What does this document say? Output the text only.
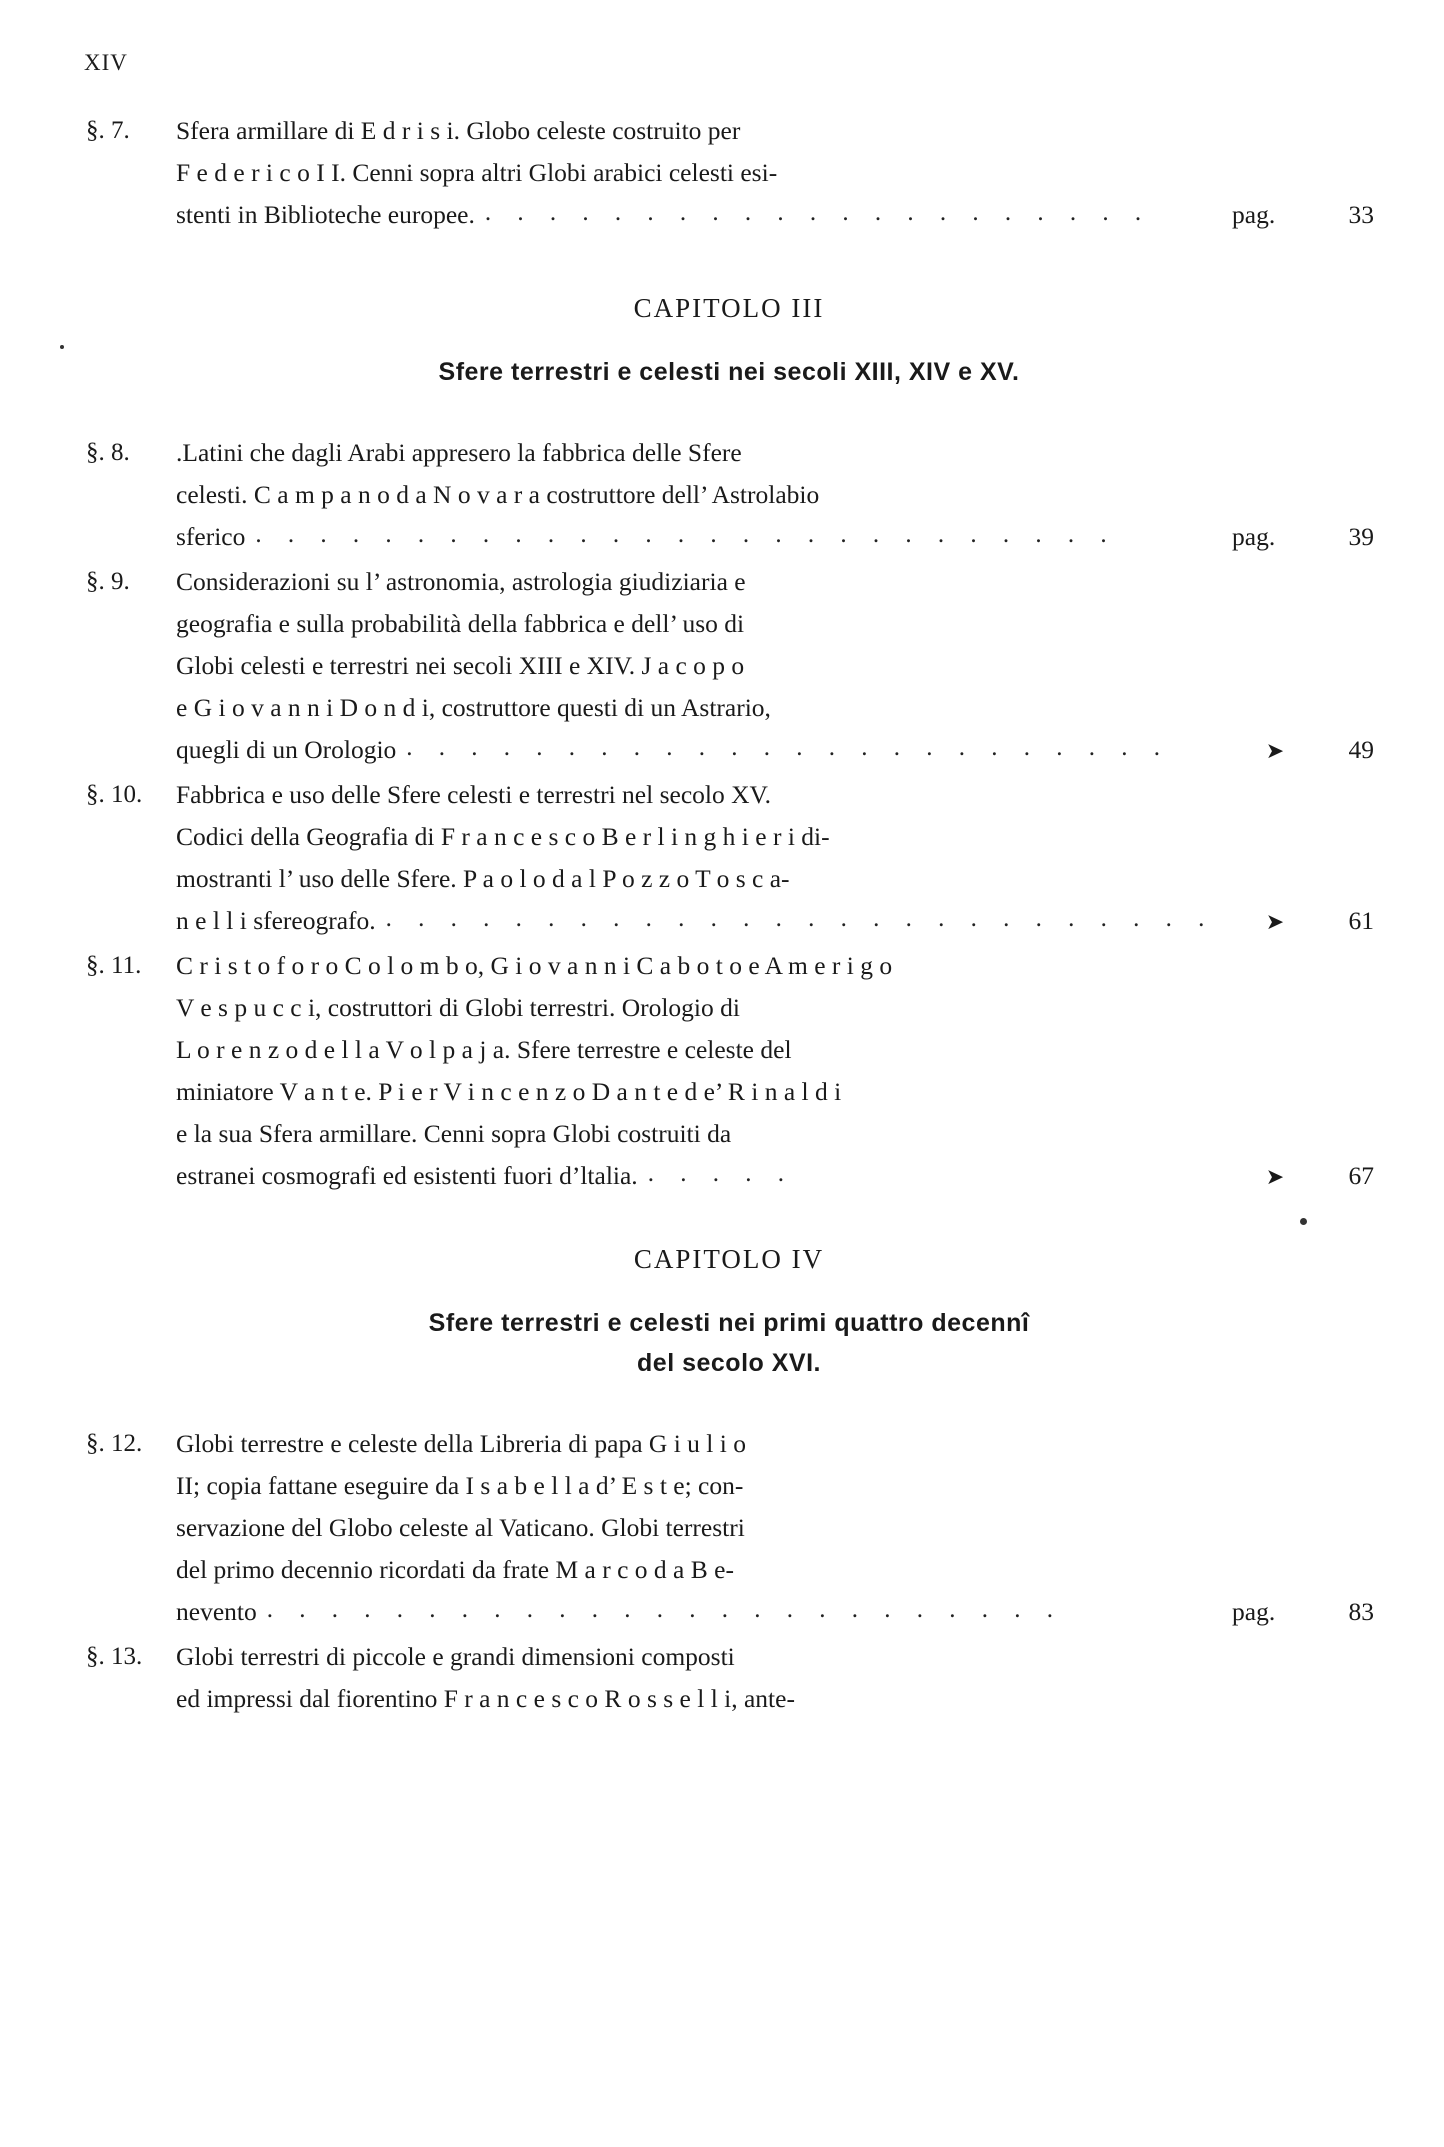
XIV
§. 7.	Sfera armillare di E d r i s i. Globo celeste costruito per
F e d e r i c o I I. Cenni sopra altri Globi arabici celesti esi-
stenti in Biblioteche europee. . . . . . . . . . . . . . . . . . . . . .	pag.	33
CAPITOLO III
Sfere terrestri e celesti nei secoli XIII, XIV e XV.
§. 8.	.Latini che dagli Arabi appresero la fabbrica delle Sfere
celesti. C a m p a n o d a N o v a r a costruttore dell’ Astrolabio
sferico . . . . . . . . . . . . . . . . . . . . . . . . . . .	pag.	39
§. 9.	Considerazioni su l’ astronomia, astrologia giudiziaria e
geografia e sulla probabilità della fabbrica e dell’ uso di
Globi celesti e terrestri nei secoli XIII e XIV. J a c o p o
e G i o v a n n i D o n d i, costruttore questi di un Astrario,
quegli di un Orologio . . . . . . . . . . . . . . . . . . . . . . . .	➤	49
§. 10.	Fabbrica e uso delle Sfere celesti e terrestri nel secolo XV.
Codici della Geografia di F r a n c e s c o B e r l i n g h i e r i di-
mostranti l’ uso delle Sfere. P a o l o d a l P o z z o T o s c a-
n e l l i sfereografo. . . . . . . . . . . . . . . . . . . . . . . . . . .	➤	61
§. 11.	C r i s t o f o r o C o l o m b o, G i o v a n n i C a b o t o e A m e r i g o
V e s p u c c i, costruttori di Globi terrestri. Orologio di
L o r e n z o d e l l a V o l p a j a. Sfere terrestre e celeste del
miniatore V a n t e. P i e r V i n c e n z o D a n t e d e’ R i n a l d i
e la sua Sfera armillare. Cenni sopra Globi costruiti da
estranei cosmografi ed esistenti fuori d’ltalia. . . . . .	➤	67
CAPITOLO IV
Sfere terrestri e celesti nei primi quattro decennî
del secolo XVI.
§. 12.	Globi terrestre e celeste della Libreria di papa G i u l i o
II; copia fattane eseguire da I s a b e l l a d’ E s t e; con-
servazione del Globo celeste al Vaticano. Globi terrestri
del primo decennio ricordati da frate M a r c o d a B e-
nevento . . . . . . . . . . . . . . . . . . . . . . . . .	pag.	83
§. 13.	Globi terrestri di piccole e grandi dimensioni composti
ed impressi dal fiorentino F r a n c e s c o R o s s e l l i, ante-
